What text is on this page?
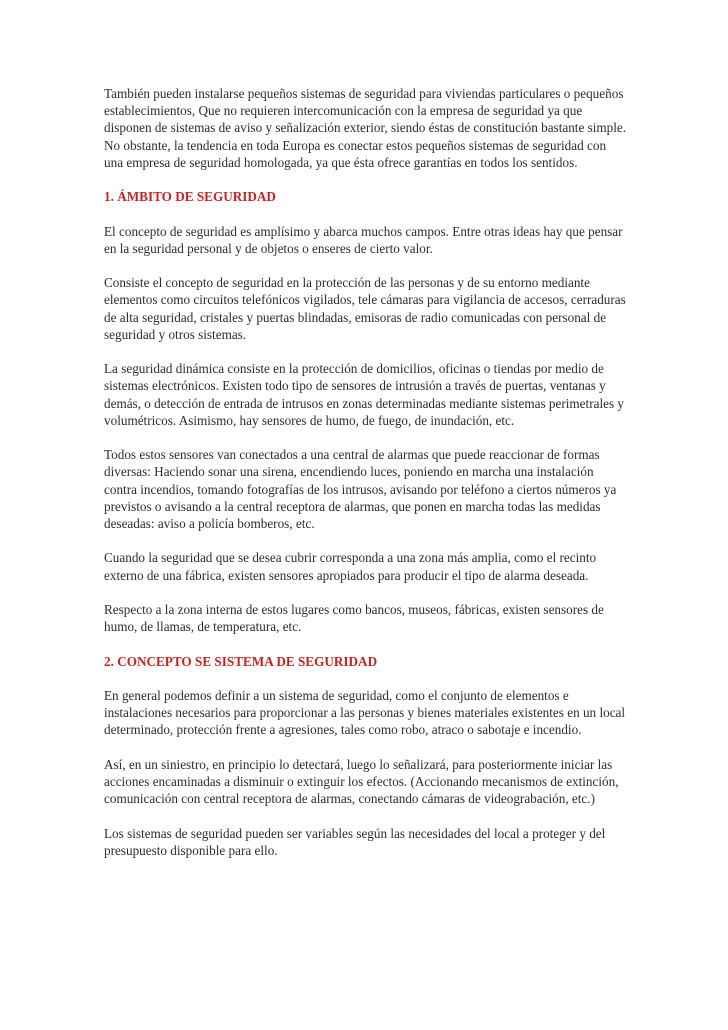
También pueden instalarse pequeños sistemas de seguridad para viviendas particulares o pequeños establecimientos, Que no requieren intercomunicación con la empresa de seguridad ya que disponen de sistemas de aviso y señalización exterior, siendo éstas de constitución bastante simple. No obstante, la tendencia en toda Europa es conectar estos pequeños sistemas de seguridad con una empresa de seguridad homologada, ya que ésta ofrece garantías en todos los sentidos.

1. ÁMBITO DE SEGURIDAD

El concepto de seguridad es amplísimo y abarca muchos campos. Entre otras ideas hay que pensar en la seguridad personal y de objetos o enseres de cierto valor.

Consiste el concepto de seguridad en la protección de las personas y de su entorno mediante elementos como circuitos telefónicos vigilados, tele cámaras para vigilancia de accesos, cerraduras de alta seguridad, cristales y puertas blindadas, emisoras de radio comunicadas con personal de seguridad y otros sistemas.

La seguridad dinámica consiste en la protección de domicilios, oficinas o tiendas por medio de sistemas electrónicos. Existen todo tipo de sensores de intrusión a través de puertas, ventanas y demás, o detección de entrada de intrusos en zonas determinadas mediante sistemas perimetrales y volumétricos. Asimismo, hay sensores de humo, de fuego, de inundación, etc.

Todos estos sensores van conectados a una central de alarmas que puede reaccionar de formas diversas: Haciendo sonar una sirena, encendiendo luces, poniendo en marcha una instalación contra incendios, tomando fotografías de los intrusos, avisando por teléfono a ciertos números ya previstos o avisando a la central receptora de alarmas, que ponen en marcha todas las medidas deseadas: aviso a policía bomberos, etc.

Cuando la seguridad que se desea cubrir corresponda a una zona más amplia, como el recinto externo de una fábrica, existen sensores apropiados para producir el tipo de alarma deseada.

Respecto a la zona interna de estos lugares como bancos, museos, fábricas, existen sensores de humo, de llamas, de temperatura, etc.

2. CONCEPTO SE SISTEMA DE SEGURIDAD

En general podemos definir a un sistema de seguridad, como el conjunto de elementos e instalaciones necesarios para proporcionar a las personas y bienes materiales existentes en un local determinado, protección frente a agresiones, tales como robo, atraco o sabotaje e incendio.

Así, en un siniestro, en principio lo detectará, luego lo señalizará, para posteriormente iniciar las acciones encaminadas a disminuir o extinguir los efectos. (Accionando mecanismos de extinción, comunicación con central receptora de alarmas, conectando cámaras de videograbación, etc.)

Los sistemas de seguridad pueden ser variables según las necesidades del local a proteger y del presupuesto disponible para ello.
